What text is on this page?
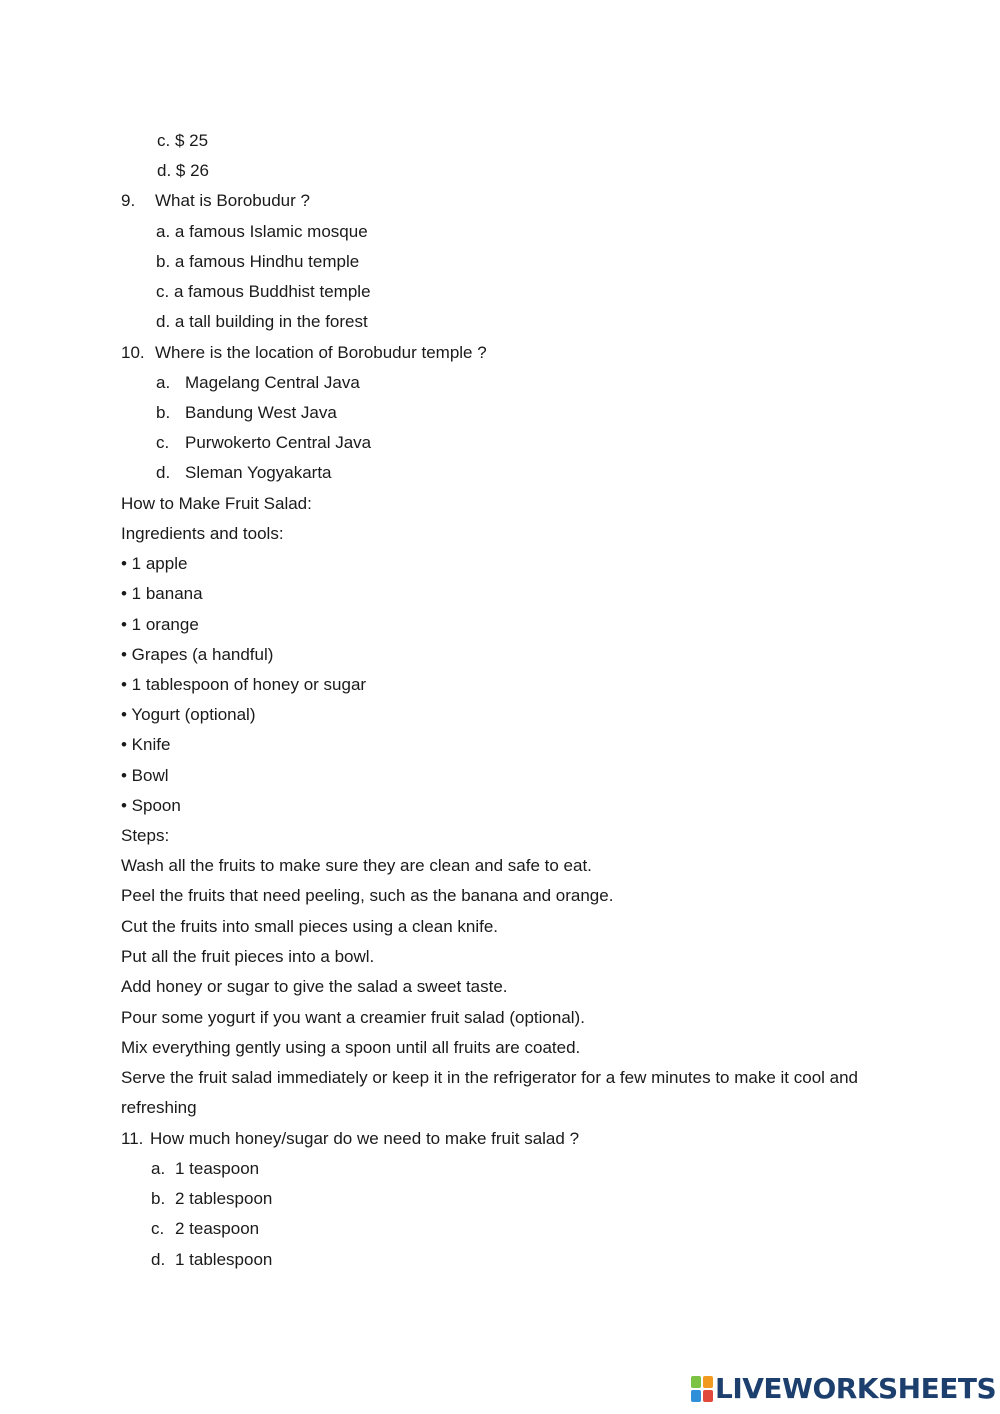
c. $ 25
d. $ 26
9. What is Borobudur ?
a. a famous Islamic mosque
b. a famous Hindhu temple
c. a famous Buddhist temple
d. a tall building in the forest
10. Where is the location of Borobudur temple ?
a. Magelang Central Java
b. Bandung West Java
c. Purwokerto Central Java
d. Sleman Yogyakarta
How to Make Fruit Salad:
Ingredients and tools:
• 1 apple
• 1 banana
• 1 orange
• Grapes (a handful)
• 1 tablespoon of honey or sugar
• Yogurt (optional)
• Knife
• Bowl
• Spoon
Steps:
Wash all the fruits to make sure they are clean and safe to eat.
Peel the fruits that need peeling, such as the banana and orange.
Cut the fruits into small pieces using a clean knife.
Put all the fruit pieces into a bowl.
Add honey or sugar to give the salad a sweet taste.
Pour some yogurt if you want a creamier fruit salad (optional).
Mix everything gently using a spoon until all fruits are coated.
Serve the fruit salad immediately or keep it in the refrigerator for a few minutes to make it cool and
refreshing
11. How much honey/sugar do we need to make fruit salad ?
a. 1 teaspoon
b. 2 tablespoon
c. 2 teaspoon
d. 1 tablespoon
LIVEWORKSHEETS
